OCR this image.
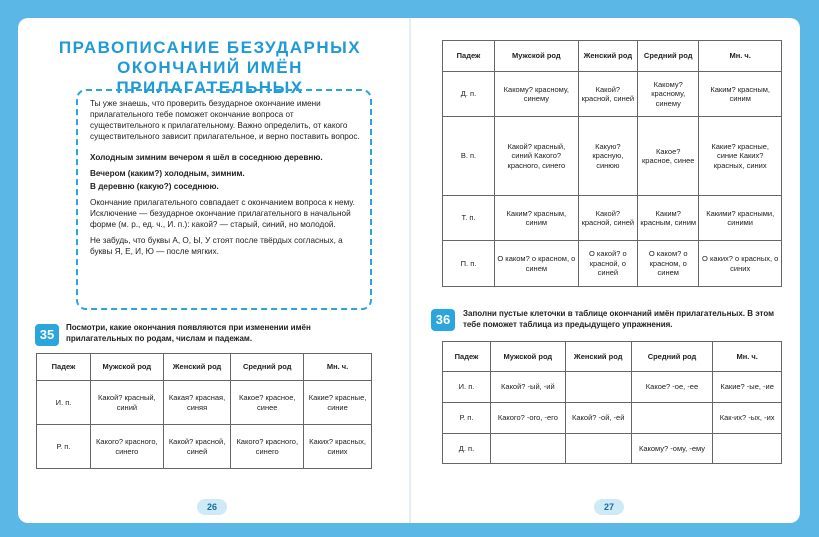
ПРАВОПИСАНИЕ БЕЗУДАРНЫХ
ОКОНЧАНИЙ ИМЁН ПРИЛАГАТЕЛЬНЫХ

Ты уже знаешь, что проверить безударное окончание имени прилагательного тебе поможет окончание вопроса от существительного к прилагательному. Важно определить, от какого существительного зависит прилагательное, и верно поставить вопрос.

Холодным зимним вечером я шёл в соседнюю деревню.

Вечером (каким?) холодным, зимним.

В деревню (какую?) соседнюю.

Окончание прилагательного совпадает с окончанием вопроса к нему. Исключение — безударное окончание прилагательного в начальной форме (м. р., ед. ч., И. п.): какой? — старый, синий, но молодой.

Не забудь, что буквы А, О, Ы, У стоят после твёрдых согласных, а буквы Я, Е, И, Ю — после мягких.

35	Посмотри, какие окончания появляются при изменении имён прилагательных по родам, числам и падежам.
Падеж	Мужской род	Женский род	Средний род	Мн. ч.
И. п.	Какой? красный, синий	Какая? красная, синяя	Какое? красное, синее	Какие? красные, синие
Р. п.	Какого? красного, синего	Какой? красной, синей	Какого? красного, синего	Каких? красных, синих
Падеж	Мужской род	Женский род	Средний род	Мн. ч.
Д. п.	Какому? красному, синему	Какой? красной, синей	Какому? красному, синему	Каким? красным, синим
В. п.	Какой? красный, синий Какого? красного, синего	Какую? красную, синюю	Какое? красное, синее	Какие? красные, синие Каких? красных, синих
Т. п.	Каким? красным, синим	Какой? красной, синей	Каким? красным, синим	Какими? красными, синими
П. п.	О каком? о красном, о синем	О какой? о красной, о синей	О каком? о красном, о синем	О каких? о красных, о синих
36	Заполни пустые клеточки в таблице окончаний имён прилагательных. В этом тебе поможет таблица из предыдущего упражнения.
Падеж	Мужской род	Женский род	Средний род	Мн. ч.
И. п.	Какой? -ый, -ий		Какое? -ое, -ее	Какие? -ые, -ие
Р. п.	Какого? -ого, -его	Какой? -ой, -ей		Как-их? -ых, -их
Д. п.			Какому? -ому, -ему	
26	27
